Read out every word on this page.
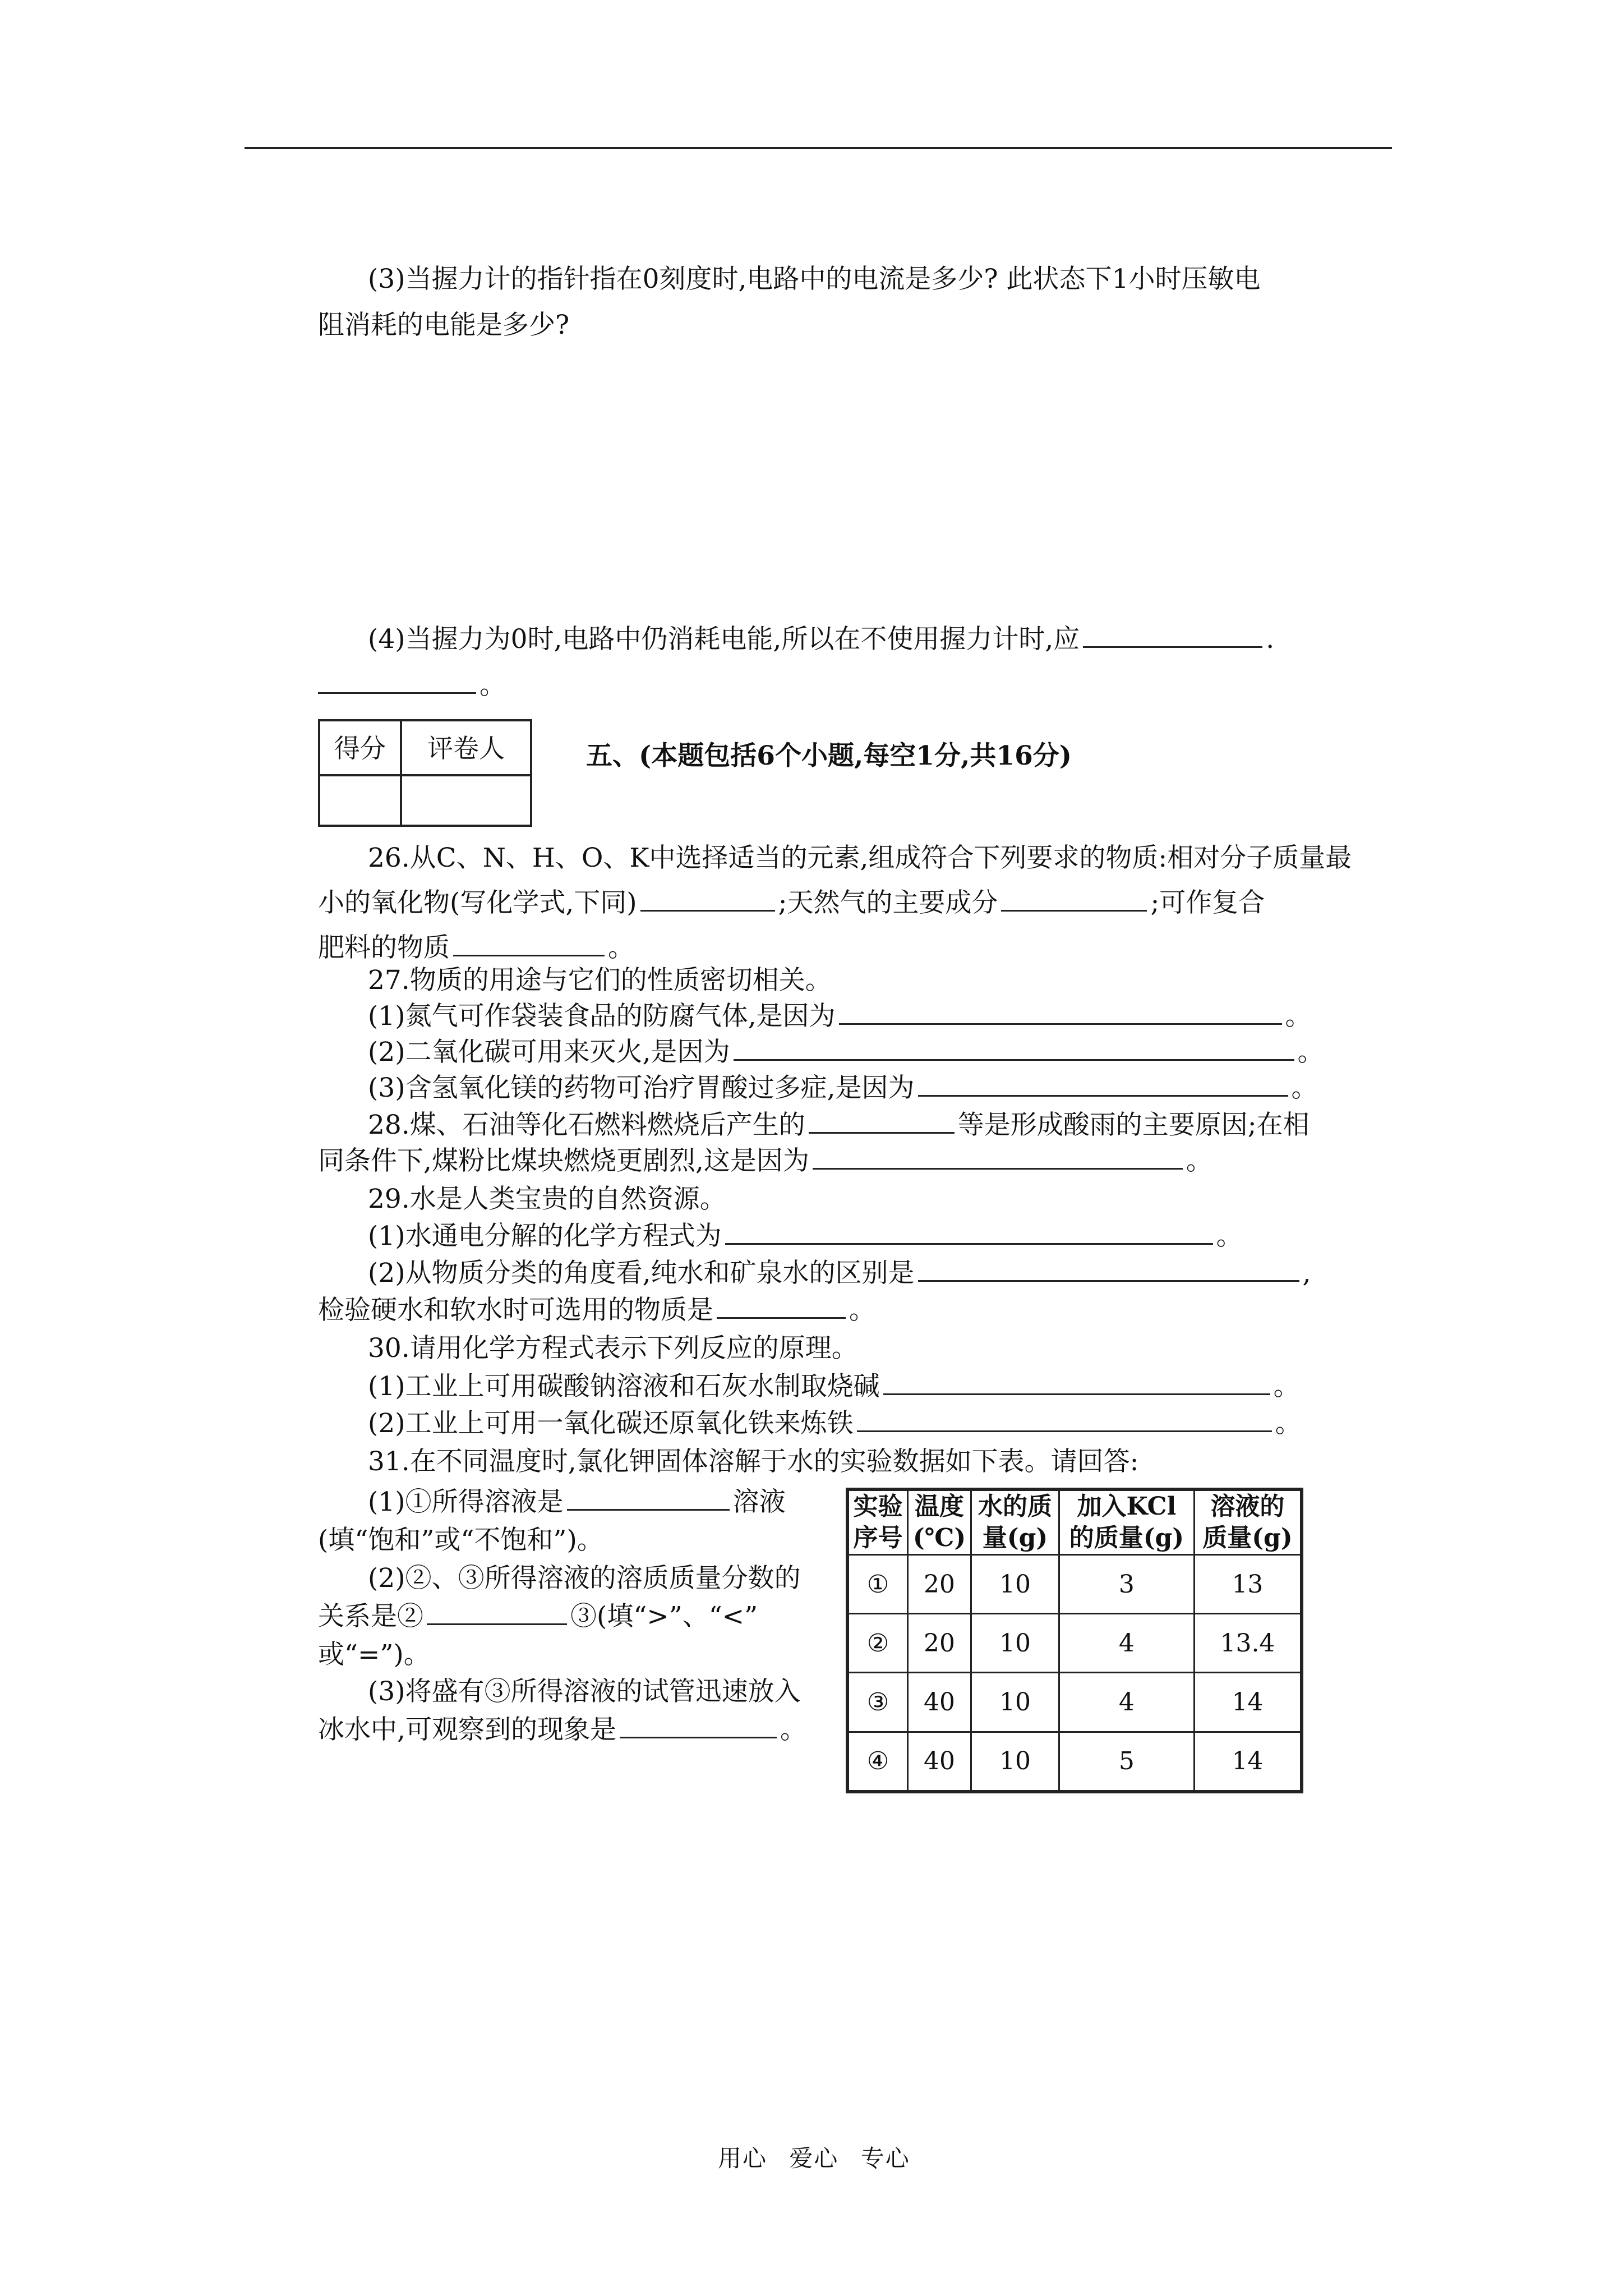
(3)当握力计的指针指在0刻度时,电路中的电流是多少? 此状态下1小时压敏电
阻消耗的电能是多少?
(4)当握力为0时,电路中仍消耗电能,所以在不使用握力计时,应	.
。
得分	评卷人	五、(本题包括6个小题,每空1分,共16分)
26.从C、N、H、O、K中选择适当的元素,组成符合下列要求的物质:相对分子质量最
小的氧化物(写化学式,下同)	;天然气的主要成分	;可作复合
肥料的物质	。
27.物质的用途与它们的性质密切相关。
(1)氮气可作袋装食品的防腐气体,是因为	。
(2)二氧化碳可用来灭火,是因为	。
(3)含氢氧化镁的药物可治疗胃酸过多症,是因为	。
28.煤、石油等化石燃料燃烧后产生的	等是形成酸雨的主要原因;在相
同条件下,煤粉比煤块燃烧更剧烈,这是因为	。
29.水是人类宝贵的自然资源。
(1)水通电分解的化学方程式为	。
(2)从物质分类的角度看,纯水和矿泉水的区别是	,
检验硬水和软水时可选用的物质是	。
30.请用化学方程式表示下列反应的原理。
(1)工业上可用碳酸钠溶液和石灰水制取烧碱	。
(2)工业上可用一氧化碳还原氧化铁来炼铁	。
31.在不同温度时,氯化钾固体溶解于水的实验数据如下表。请回答:
(1)①所得溶液是	溶液
(填“饱和”或“不饱和”)。
(2)②、③所得溶液的溶质质量分数的
关系是②	③(填“>”、“<”
或“=”)。
(3)将盛有③所得溶液的试管迅速放入
冰水中,可观察到的现象是	。
实验
序号	温度
(℃)	水的质
量(g)	加入KCl
的质量(g)	溶液的
质量(g)
①	20	10	3	13
②	20	10	4	13.4
③	40	10	4	14
④	40	10	5	14
用心 爱心 专心
